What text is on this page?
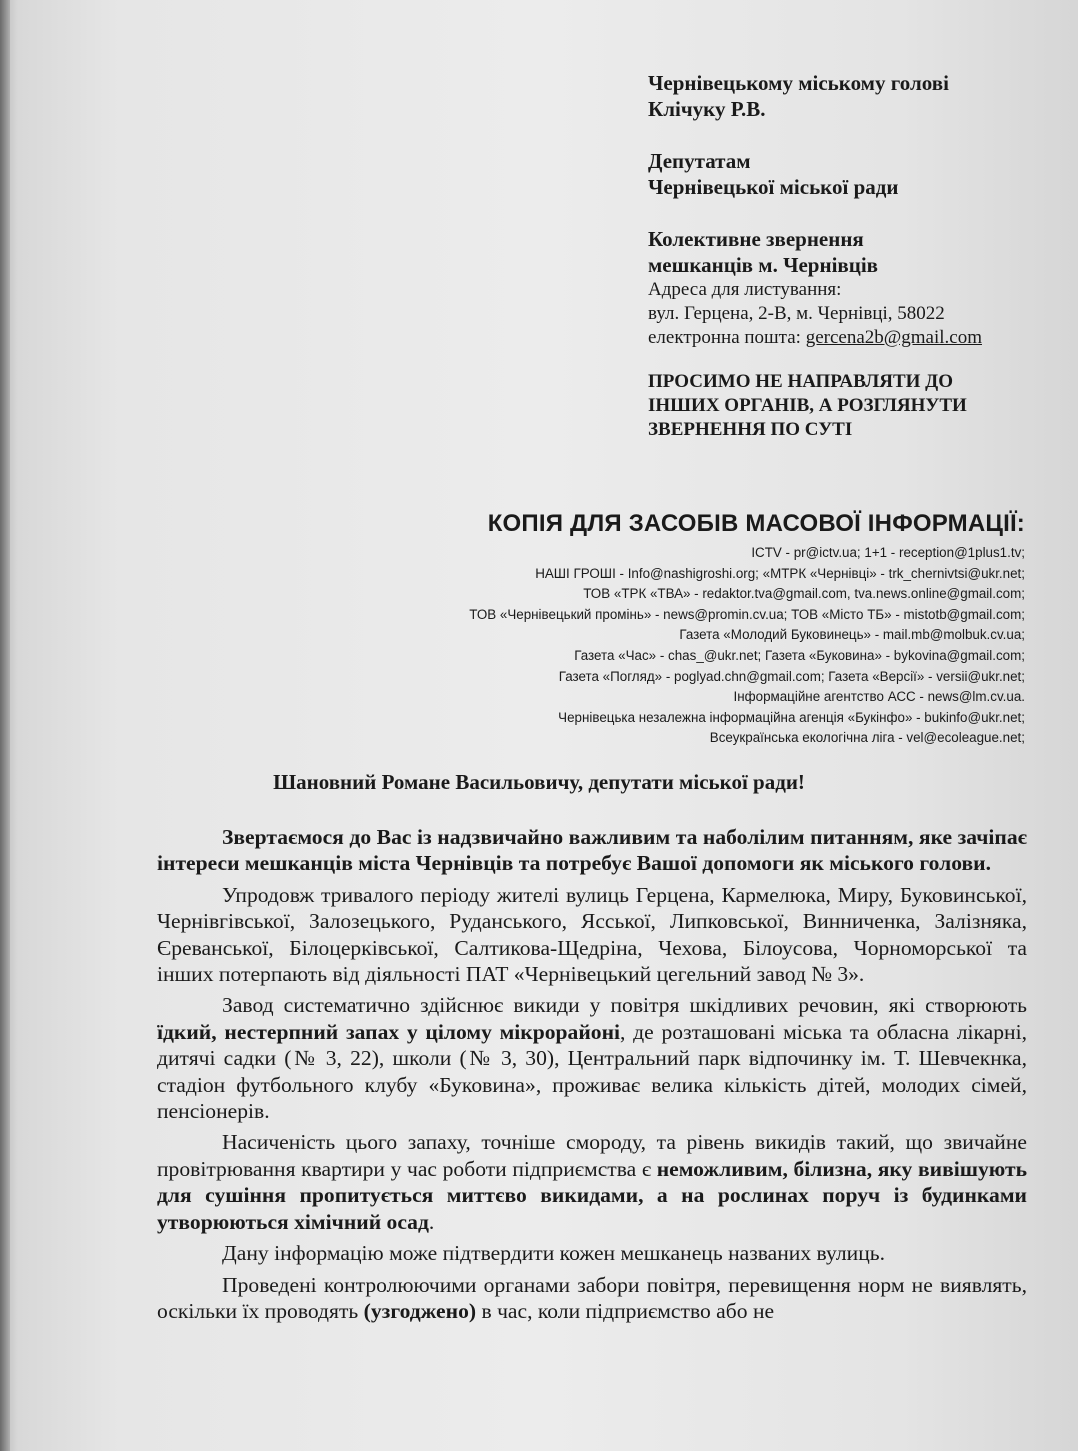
Чернівецькому міському голові
Клічуку Р.В.
Депутатам
Чернівецької міської ради
Колективне звернення
мешканців м. Чернівців
Адреса для листування:
вул. Герцена, 2-В, м. Чернівці, 58022
електронна пошта: gercena2b@gmail.com
ПРОСИМО НЕ НАПРАВЛЯТИ ДО
ІНШИХ ОРГАНІВ, А РОЗГЛЯНУТИ
ЗВЕРНЕННЯ ПО СУТІ
КОПІЯ ДЛЯ ЗАСОБІВ МАСОВОЇ ІНФОРМАЦІЇ:
ICTV - pr@ictv.ua; 1+1 - reception@1plus1.tv;
НАШІ ГРОШІ - Info@nashigroshi.org; «МТРК «Чернівці» - trk_chernivtsi@ukr.net;
ТОВ «ТРК «ТВА» - redaktor.tva@gmail.com, tva.news.online@gmail.com;
ТОВ «Чернівецький промінь» - news@promin.cv.ua; ТОВ «Місто ТБ» - mistotb@gmail.com;
Газета «Молодий Буковинець» - mail.mb@molbuk.cv.ua;
Газета «Час» - chas_@ukr.net; Газета «Буковина» - bykovina@gmail.com;
Газета «Погляд» - poglyad.chn@gmail.com; Газета «Версії» - versii@ukr.net;
Інформаційне агентство АСС - news@lm.cv.ua.
Чернівецька незалежна інформаційна агенція «Букінфо» - bukinfo@ukr.net;
Всеукраїнська екологічна ліга - vel@ecoleague.net;
Шановний Романе Васильовичу, депутати міської ради!

Звертаємося до Вас із надзвичайно важливим та наболілим питанням, яке зачіпає інтереси мешканців міста Чернівців та потребує Вашої допомоги як міського голови.

Упродовж тривалого періоду жителі вулиць Герцена, Кармелюка, Миру, Буковинської, Чернівгівської, Залозецького, Руданського, Ясської, Липковської, Винниченка, Залізняка, Єреванської, Білоцерківської, Салтикова-Щедріна, Чехова, Білоусова, Чорноморської та інших потерпають від діяльності ПАТ «Чернівецький цегельний завод № 3».

Завод систематично здійснює викиди у повітря шкідливих речовин, які створюють їдкий, нестерпний запах у цілому мікрорайоні, де розташовані міська та обласна лікарні, дитячі садки (№ 3, 22), школи (№ 3, 30), Центральний парк відпочинку ім. Т. Шевчекнка, стадіон футбольного клубу «Буковина», проживає велика кількість дітей, молодих сімей, пенсіонерів.

Насиченість цього запаху, точніше смороду, та рівень викидів такий, що звичайне провітрювання квартири у час роботи підприємства є неможливим, білизна, яку вивішують для сушіння пропитується миттєво викидами, а на рослинах поруч із будинками утворюються хімічний осад.

Дану інформацію може підтвердити кожен мешканець названих вулиць.

Проведені контролюючими органами забори повітря, перевищення норм не виявлять, оскільки їх проводять (узгоджено) в час, коли підприємство або не
